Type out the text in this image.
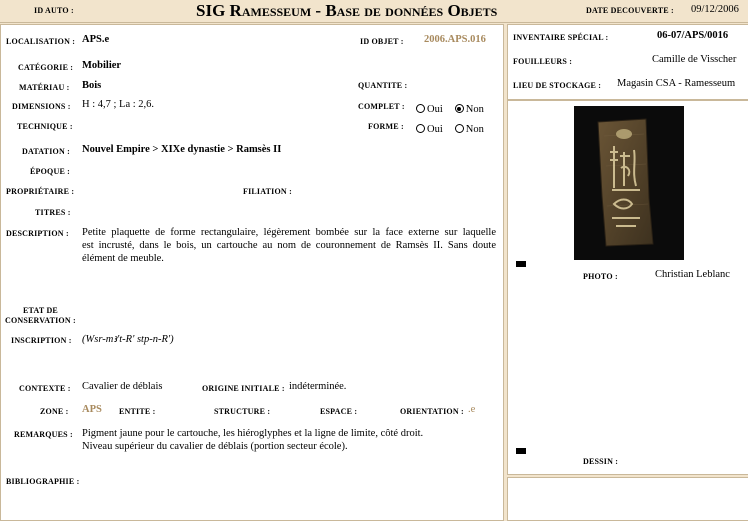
ID AUTO :	SIG Ramesseum - Base de données Objets	DATE DECOUVERTE : 09/12/2006
LOCALISATION : APS.e	ID OBJET : 2006.APS.016
CATÉGORIE : Mobilier
MATÉRIAU : Bois	QUANTITE :
DIMENSIONS : H : 4,7 ; La : 2,6.	COMPLET :	Oui Non
TECHNIQUE :	FORME :	Oui Non
DATATION : Nouvel Empire > XIXe dynastie > Ramsès II
ÉPOQUE :
PROPRIÉTAIRE :	FILIATION :
TITRES :
DESCRIPTION : Petite plaquette de forme rectangulaire, légèrement bombée sur la face externe sur laquelle
est incrusté, dans le bois, un cartouche au nom de couronnement de Ramsès II. Sans doute
élément de meuble.
ETAT DE
CONSERVATION :
INSCRIPTION : (Wsr-mꜣ't-R' stp-n-R')
CONTEXTE : Cavalier de déblais	ORIGINE INITIALE : indéterminée.
ZONE : APS ENTITE :	STRUCTURE :	ESPACE :	ORIENTATION : .e
REMARQUES : Pigment jaune pour le cartouche, les hiéroglyphes et la ligne de limite, côté droit.
Niveau supérieur du cavalier de déblais (portion secteur école).
BIBLIOGRAPHIE :
INVENTAIRE SPÉCIAL :	06-07/APS/0016
FOUILLEURS :	Camille de Visscher
LIEU DE STOCKAGE : Magasin CSA - Ramesseum
PHOTO :	Christian Leblanc
DESSIN :
